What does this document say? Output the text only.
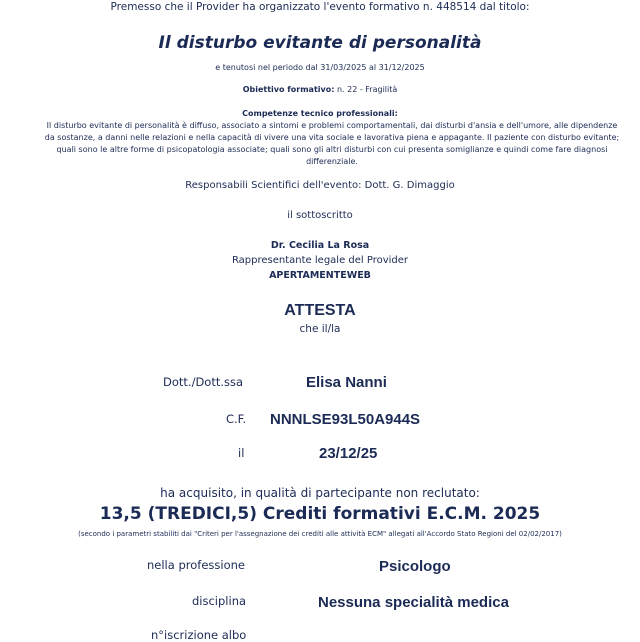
Premesso che il Provider ha organizzato l'evento formativo n. 448514 dal titolo:
Il disturbo evitante di personalità
e tenutosi nel periodo dal 31/03/2025 al 31/12/2025
Obiettivo formativo: n. 22 - Fragilità
Competenze tecnico professionali:
Il disturbo evitante di personalità è diffuso, associato a sintomi e problemi comportamentali, dai disturbi d'ansia e dell'umore, alle dipendenze da sostanze, a danni nelle relazioni e nella capacità di vivere una vita sociale e lavorativa piena e appagante. Il paziente con disturbo evitante; quali sono le altre forme di psicopatologia associate; quali sono gli altri disturbi con cui presenta somiglianze e quindi come fare diagnosi differenziale.
Responsabili Scientifici dell'evento: Dott. G. Dimaggio
il sottoscritto
Dr. Cecilia La Rosa
Rappresentante legale del Provider
APERTAMENTEWEB
ATTESTA
che il/la
Dott./Dott.ssa	Elisa Nanni
C.F. NNNLSE93L50A944S
il	23/12/25
ha acquisito, in qualità di partecipante non reclutato:
13,5 (TREDICI,5) Crediti formativi E.C.M. 2025
(secondo i parametri stabiliti dai "Criteri per l'assegnazione dei crediti alle attività ECM" allegati all'Accordo Stato Regioni del 02/02/2017)
nella professione	Psicologo
disciplina	Nessuna specialità medica
n°iscrizione albo
